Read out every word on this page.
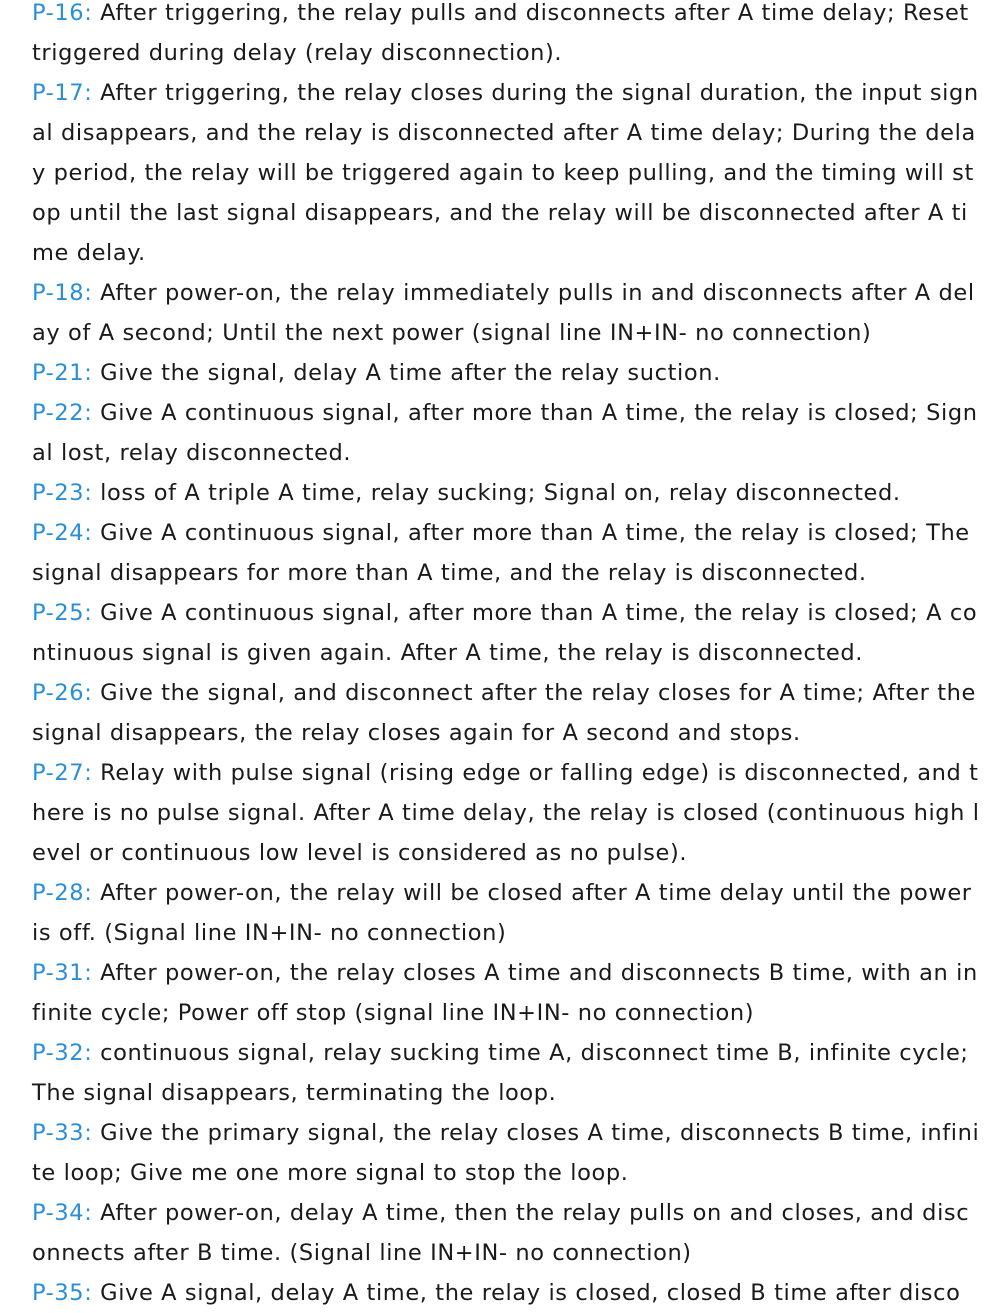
P-16: After triggering, the relay pulls and disconnects after A time delay; Reset triggered during delay (relay disconnection).

P-17: After triggering, the relay closes during the signal duration, the input signal disappears, and the relay is disconnected after A time delay; During the delay period, the relay will be triggered again to keep pulling, and the timing will stop until the last signal disappears, and the relay will be disconnected after A time delay.

P-18: After power-on, the relay immediately pulls in and disconnects after A delay of A second; Until the next power (signal line IN+IN- no connection)

P-21: Give the signal, delay A time after the relay suction.

P-22: Give A continuous signal, after more than A time, the relay is closed; Signal lost, relay disconnected.

P-23: loss of A triple A time, relay sucking; Signal on, relay disconnected.

P-24: Give A continuous signal, after more than A time, the relay is closed; The signal disappears for more than A time, and the relay is disconnected.

P-25: Give A continuous signal, after more than A time, the relay is closed; A continuous signal is given again. After A time, the relay is disconnected.

P-26: Give the signal, and disconnect after the relay closes for A time; After the signal disappears, the relay closes again for A second and stops.

P-27: Relay with pulse signal (rising edge or falling edge) is disconnected, and there is no pulse signal. After A time delay, the relay is closed (continuous high level or continuous low level is considered as no pulse).

P-28: After power-on, the relay will be closed after A time delay until the power is off. (Signal line IN+IN- no connection)

P-31: After power-on, the relay closes A time and disconnects B time, with an infinite cycle; Power off stop (signal line IN+IN- no connection)

P-32: continuous signal, relay sucking time A, disconnect time B, infinite cycle; The signal disappears, terminating the loop.

P-33: Give the primary signal, the relay closes A time, disconnects B time, infinite loop; Give me one more signal to stop the loop.

P-34: After power-on, delay A time, then the relay pulls on and closes, and disconnects after B time. (Signal line IN+IN- no connection)

P-35: Give A signal, delay A time, the relay is closed, closed B time after disco
